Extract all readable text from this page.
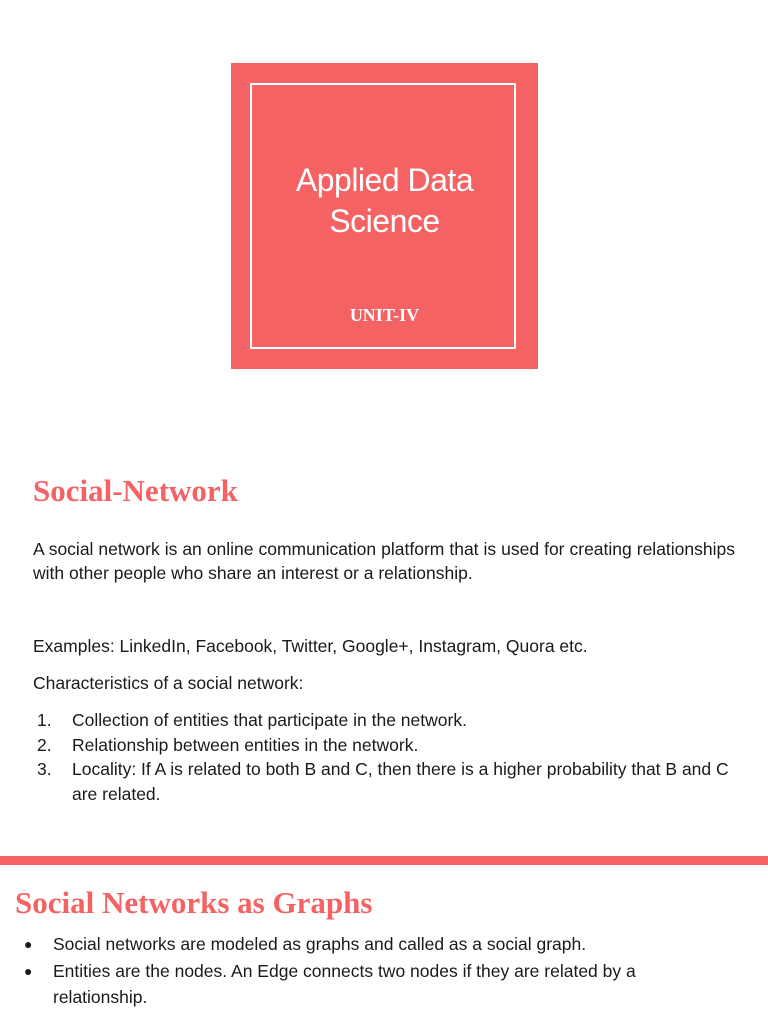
Applied Data
Science
UNIT-IV
Social-Network

A social network is an online communication platform that is used for creating relationships with other people who share an interest or a relationship.

Examples: LinkedIn, Facebook, Twitter, Google+, Instagram, Quora etc.

Characteristics of a social network:

1. Collection of entities that participate in the network.
2. Relationship between entities in the network.
3. Locality: If A is related to both B and C, then there is a higher probability that B and C are related.
Social Networks as Graphs
● Social networks are modeled as graphs and called as a social graph.
● Entities are the nodes. An Edge connects two nodes if they are related by a relationship.
